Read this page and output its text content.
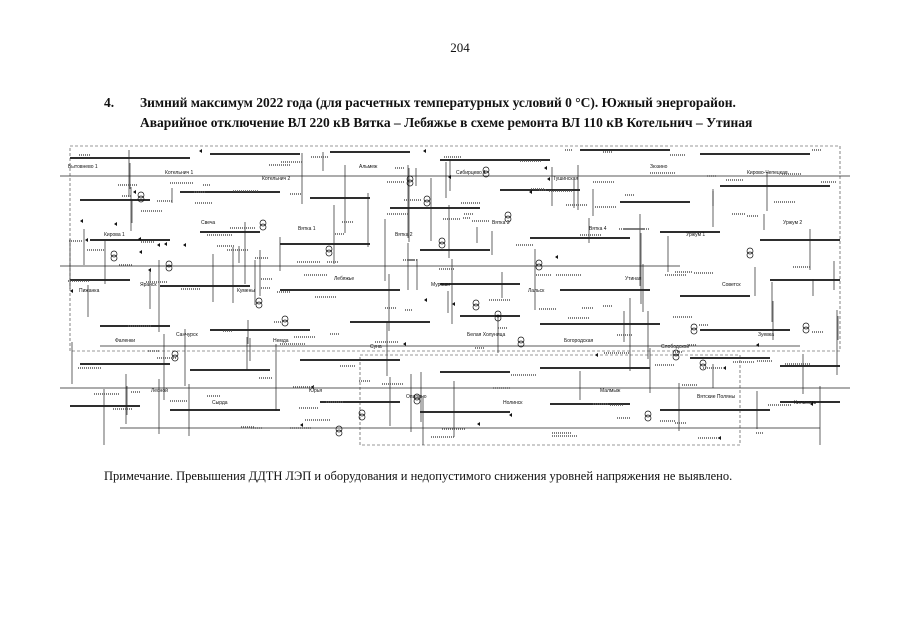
204
4. Зимний максимум 2022 года (для расчетных температурных условий 0 °С). Южный энергорайон.
Аварийное отключение ВЛ 220 кВ Вятка – Лебяжье в схеме ремонта ВЛ 110 кВ Котельнич – Утиная
Бытовнево 1
Котельнич 1
Котельнич 2
Альмеж
Сибирцево 1
Тушинская
Зюзино
Кирово-Чепецкая
Кирова 1
Свеча
Вятка 1
Вятка 2
Вятка 3
Вятка 4
Уржум 1
Уржум 2
Яранск
Кумены
Лебяжье
Мураши
Лальск
Утиная
Советск
Пижанка
Санчурск
Немда
Суна
Белая Холуница
Богородская
Слободской
Зуевка
Фаленки
Сырда
Юрья
Опарино
Нолинск
Малмыж
Вятские Поляны
Кильмезь
Лесной
Примечание. Превышения ДДТН ЛЭП и оборудования и недопустимого снижения уровней напряжения не выявлено.
